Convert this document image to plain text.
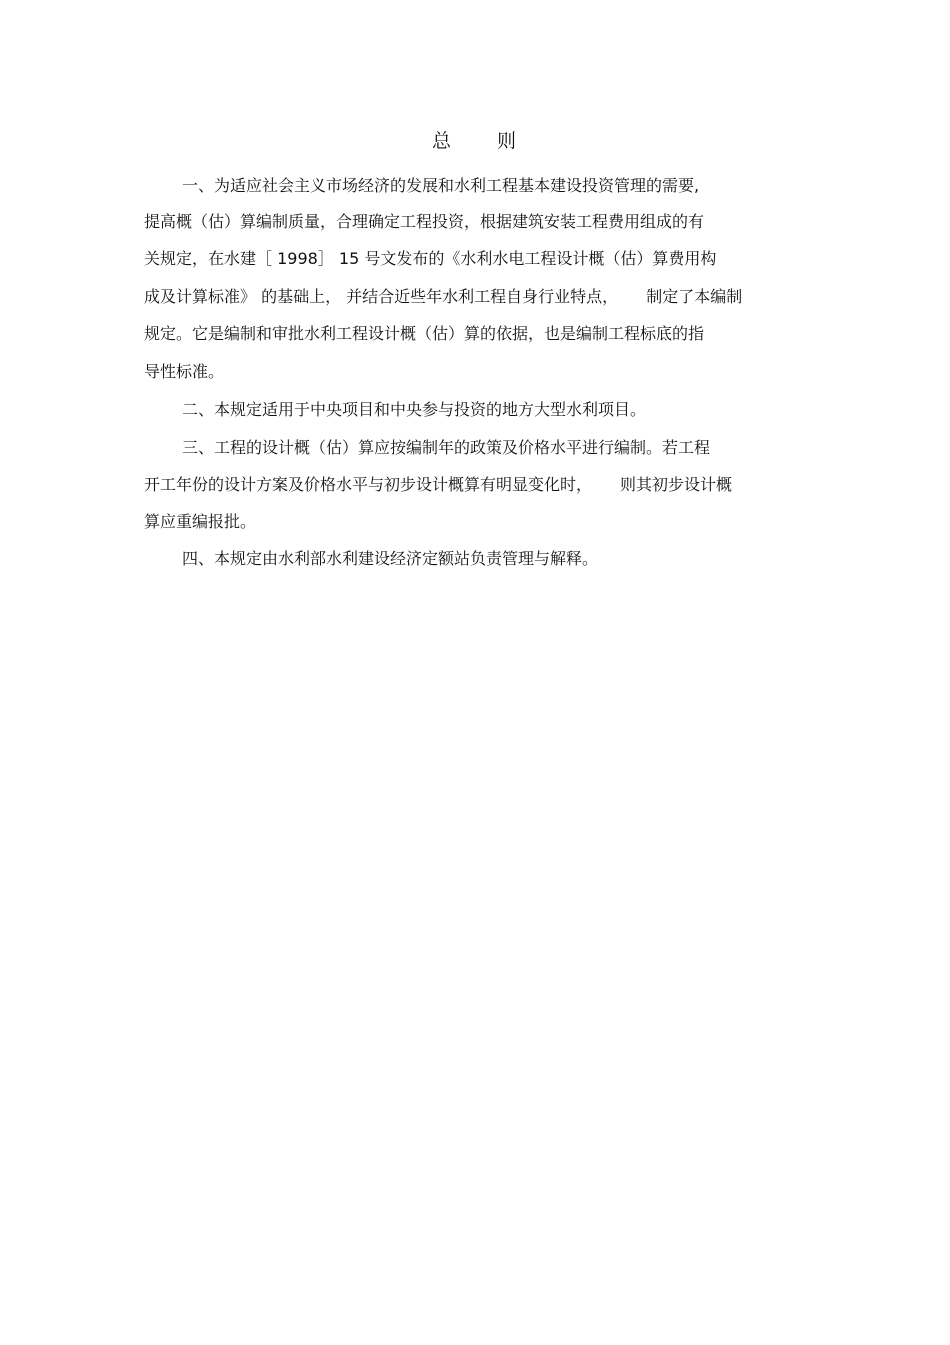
总 则
一、为适应社会主义市场经济的发展和水利工程基本建设投资管理的需要,
提高概（估）算编制质量，合理确定工程投资，根据建筑安装工程费用组成的有
关规定，在水建［ 1998］ 15 号文发布的《水利水电工程设计概（估）算费用构
成及计算标准》 的基础上， 并结合近些年水利工程自身行业特点， 制定了本编制
规定。它是编制和审批水利工程设计概（估）算的依据，也是编制工程标底的指
导性标准。
二、本规定适用于中央项目和中央参与投资的地方大型水利项目。
三、工程的设计概（估）算应按编制年的政策及价格水平进行编制。若工程
开工年份的设计方案及价格水平与初步设计概算有明显变化时， 则其初步设计概
算应重编报批。
四、本规定由水利部水利建设经济定额站负责管理与解释。
